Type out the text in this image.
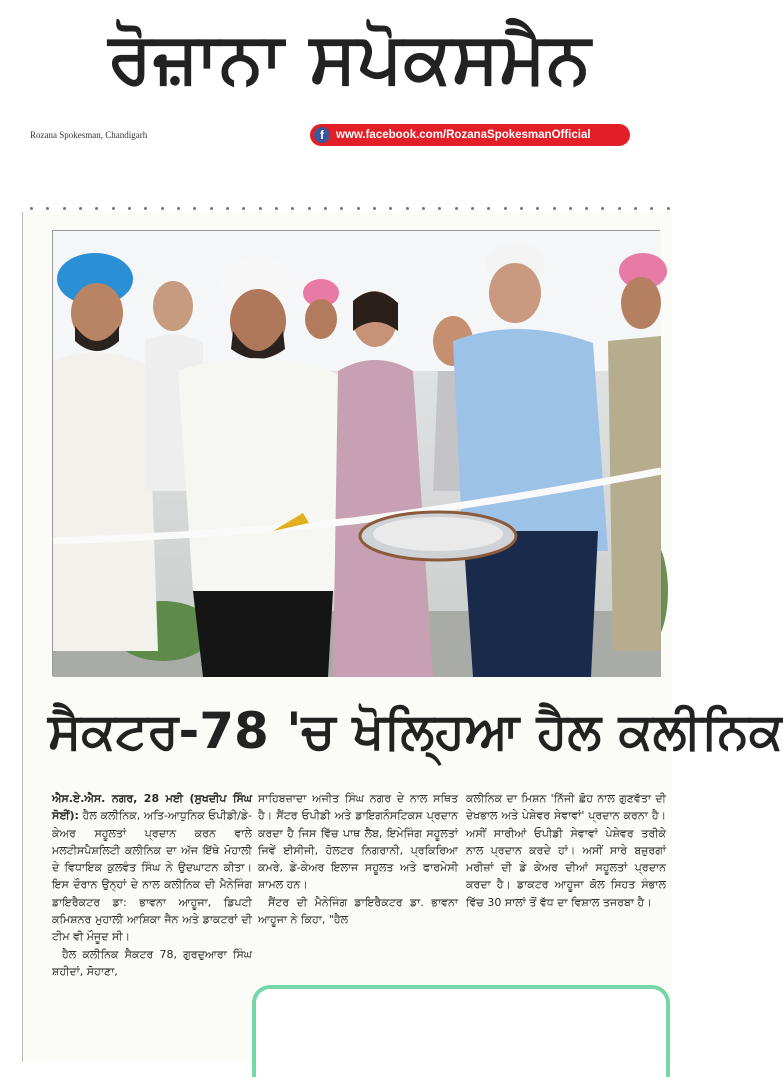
ਰੋਜ਼ਾਨਾ ਸਪੋਕਸਮੈਨ
Rozana Spokesman, Chandigarh	f	www.facebook.com/RozanaSpokesmanOfficial
ਸੈਕਟਰ-78 'ਚ ਖੋਲ੍ਹਿਆ ਹੈਲ ਕਲੀਨਿਕ

ਐਸ.ਏ.ਐਸ. ਨਗਰ, 28 ਮਈ (ਸੁਖਦੀਪ ਸਿੰਘ ਸੋਈਂ): ਹੈਲ ਕਲੀਨਿਕ, ਅਤਿ-ਆਧੁਨਿਕ ਓਪੀਡੀ/ਡੇ-ਕੇਅਰ ਸਹੂਲਤਾਂ ਪ੍ਰਦਾਨ ਕਰਨ ਵਾਲੇ ਮਲਟੀਸਪੈਸ਼ਲਿਟੀ ਕਲੀਨਿਕ ਦਾ ਅੱਜ ਇੱਥੇ ਮੋਹਾਲੀ ਦੇ ਵਿਧਾਇਕ ਕੁਲਵੰਤ ਸਿੰਘ ਨੇ ਉਦਘਾਟਨ ਕੀਤਾ। ਇਸ ਦੌਰਾਨ ਉਨ੍ਹਾਂ ਦੇ ਨਾਲ ਕਲੀਨਿਕ ਦੀ ਮੈਨੇਜਿੰਗ ਡਾਇਰੈਕਟਰ ਡਾ: ਭਾਵਨਾ ਆਹੂਜਾ, ਡਿਪਟੀ ਕਮਿਸ਼ਨਰ ਮੁਹਾਲੀ ਆਸ਼ਿਕਾ ਜੈਨ ਅਤੇ ਡਾਕਟਰਾਂ ਦੀ ਟੀਮ ਵੀ ਮੌਜੂਦ ਸੀ।

ਹੈਲ ਕਲੀਨਿਕ ਸੈਕਟਰ 78, ਗੁਰਦੁਆਰਾ ਸਿੰਘ ਸ਼ਹੀਦਾਂ, ਸੋਹਾਣਾ,

ਸਾਹਿਬਜ਼ਾਦਾ ਅਜੀਤ ਸਿੰਘ ਨਗਰ ਦੇ ਨਾਲ ਸਥਿਤ ਹੈ। ਸੈਂਟਰ ਓਪੀਡੀ ਅਤੇ ਡਾਇਗਨੌਸਟਿਕਸ ਪ੍ਰਦਾਨ ਕਰਦਾ ਹੈ ਜਿਸ ਵਿੱਚ ਪਾਥ ਲੈਬ, ਇਮੇਜਿੰਗ ਸਹੂਲਤਾਂ ਜਿਵੇਂ ਈਸੀਜੀ, ਹੋਲਟਰ ਨਿਗਰਾਨੀ, ਪ੍ਰਕਿਰਿਆ ਕਮਰੇ, ਡੇ-ਕੇਅਰ ਇਲਾਜ ਸਹੂਲਤ ਅਤੇ ਫਾਰਮੇਸੀ ਸ਼ਾਮਲ ਹਨ।

ਸੈਂਟਰ ਦੀ ਮੈਨੇਜਿੰਗ ਡਾਇਰੈਕਟਰ ਡਾ. ਭਾਵਨਾ ਆਹੂਜਾ ਨੇ ਕਿਹਾ, "ਹੈਲ

ਕਲੀਨਿਕ ਦਾ ਮਿਸ਼ਨ 'ਨਿੱਜੀ ਛੋਹ ਨਾਲ ਗੁਣਵੱਤਾ ਦੀ ਦੇਖਭਾਲ ਅਤੇ ਪੇਸ਼ੇਵਰ ਸੇਵਾਵਾਂ' ਪ੍ਰਦਾਨ ਕਰਨਾ ਹੈ। ਅਸੀਂ ਸਾਰੀਆਂ ਓਪੀਡੀ ਸੇਵਾਵਾਂ ਪੇਸ਼ੇਵਰ ਤਰੀਕੇ ਨਾਲ ਪ੍ਰਦਾਨ ਕਰਦੇ ਹਾਂ। ਅਸੀਂ ਸਾਰੇ ਬਜ਼ੁਰਗਾਂ ਮਰੀਜ਼ਾਂ ਦੀ ਡੇ ਕੇਅਰ ਦੀਆਂ ਸਹੂਲਤਾਂ ਪ੍ਰਦਾਨ ਕਰਦਾ ਹੈ। ਡਾਕਟਰ ਆਹੂਜਾ ਕੋਲ ਸਿਹਤ ਸੰਭਾਲ ਵਿੱਚ 30 ਸਾਲਾਂ ਤੋਂ ਵੱਧ ਦਾ ਵਿਸ਼ਾਲ ਤਜਰਬਾ ਹੈ।
